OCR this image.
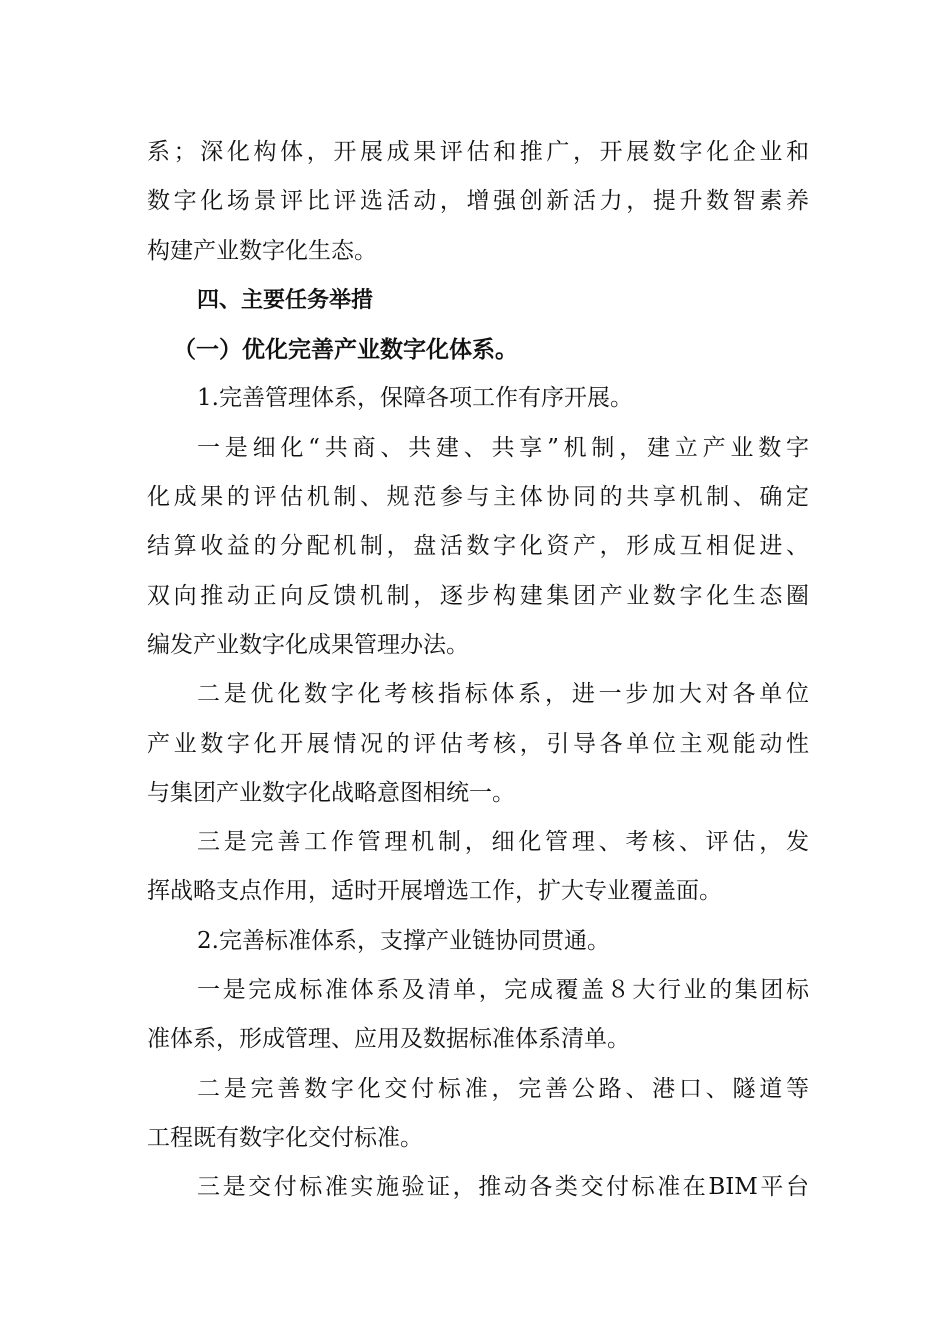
系；深化构体，开展成果评估和推广，开展数字化企业和
数字化场景评比评选活动，增强创新活力，提升数智素养
构建产业数字化生态。
四、主要任务举措
（一）优化完善产业数字化体系。
1.完善管理体系，保障各项工作有序开展。
一是细化“共商、共建、共享”机制，建立产业数字
化成果的评估机制、规范参与主体协同的共享机制、确定
结算收益的分配机制，盘活数字化资产，形成互相促进、
双向推动正向反馈机制，逐步构建集团产业数字化生态圈
编发产业数字化成果管理办法。
二是优化数字化考核指标体系，进一步加大对各单位
产业数字化开展情况的评估考核，引导各单位主观能动性
与集团产业数字化战略意图相统一。
三是完善工作管理机制，细化管理、考核、评估，发
挥战略支点作用，适时开展增选工作，扩大专业覆盖面。
2.完善标准体系，支撑产业链协同贯通。
一是完成标准体系及清单，完成覆盖８大行业的集团标
准体系，形成管理、应用及数据标准体系清单。
二是完善数字化交付标准，完善公路、港口、隧道等
工程既有数字化交付标准。
三是交付标准实施验证，推动各类交付标准在BIM平台
